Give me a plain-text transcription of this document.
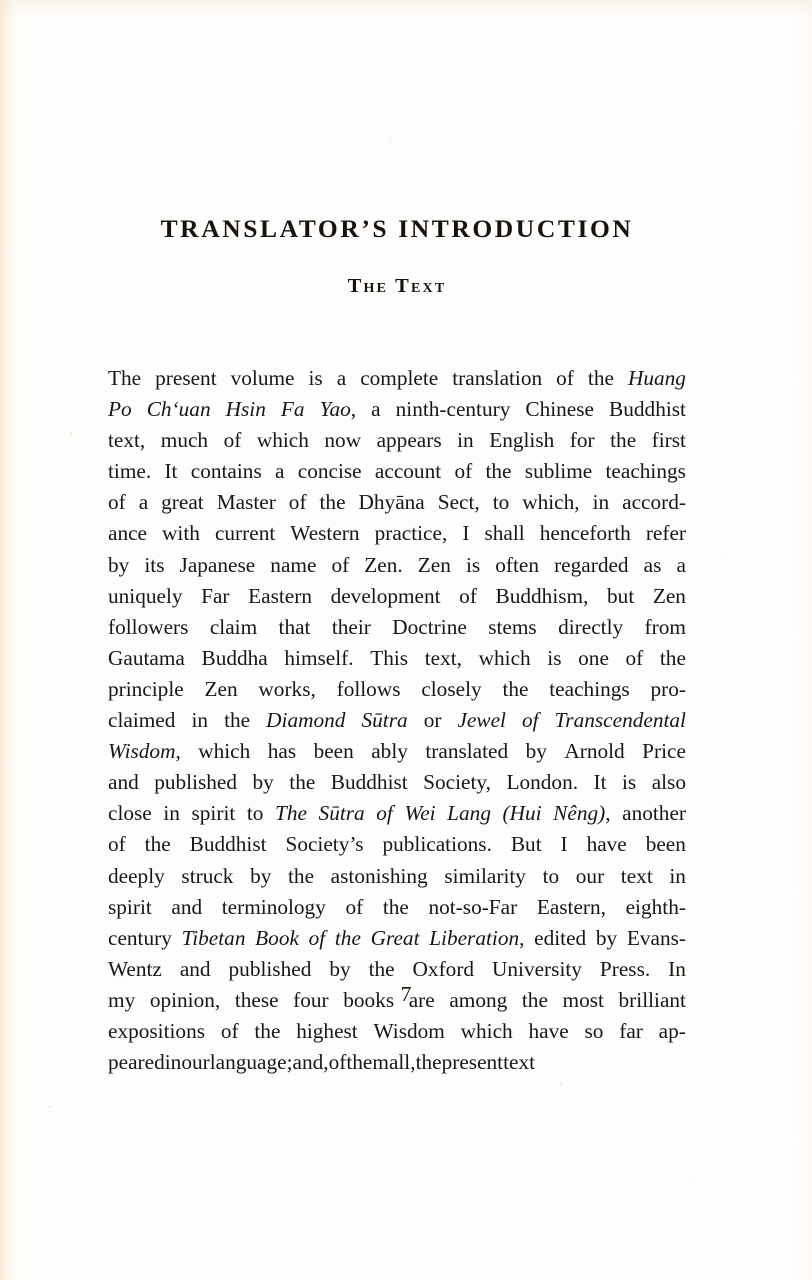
TRANSLATOR’S INTRODUCTION
The Text
The present volume is a complete translation of the Huang
Po Chʻuan Hsin Fa Yao, a ninth-century Chinese Buddhist
text, much of which now appears in English for the first
time. It contains a concise account of the sublime teachings
of a great Master of the Dhyāna Sect, to which, in accord-
ance with current Western practice, I shall henceforth refer
by its Japanese name of Zen. Zen is often regarded as a
uniquely Far Eastern development of Buddhism, but Zen
followers claim that their Doctrine stems directly from
Gautama Buddha himself. This text, which is one of the
principle Zen works, follows closely the teachings pro-
claimed in the Diamond Sūtra or Jewel of Transcendental
Wisdom, which has been ably translated by Arnold Price
and published by the Buddhist Society, London. It is also
close in spirit to The Sūtra of Wei Lang (Hui Nêng), another
of the Buddhist Society’s publications. But I have been
deeply struck by the astonishing similarity to our text in
spirit and terminology of the not-so-Far Eastern, eighth-
century Tibetan Book of the Great Liberation, edited by Evans-
Wentz and published by the Oxford University Press. In
my opinion, these four books are among the most brilliant
expositions of the highest Wisdom which have so far ap-
peared in our language; and, of them all, the present text
7
